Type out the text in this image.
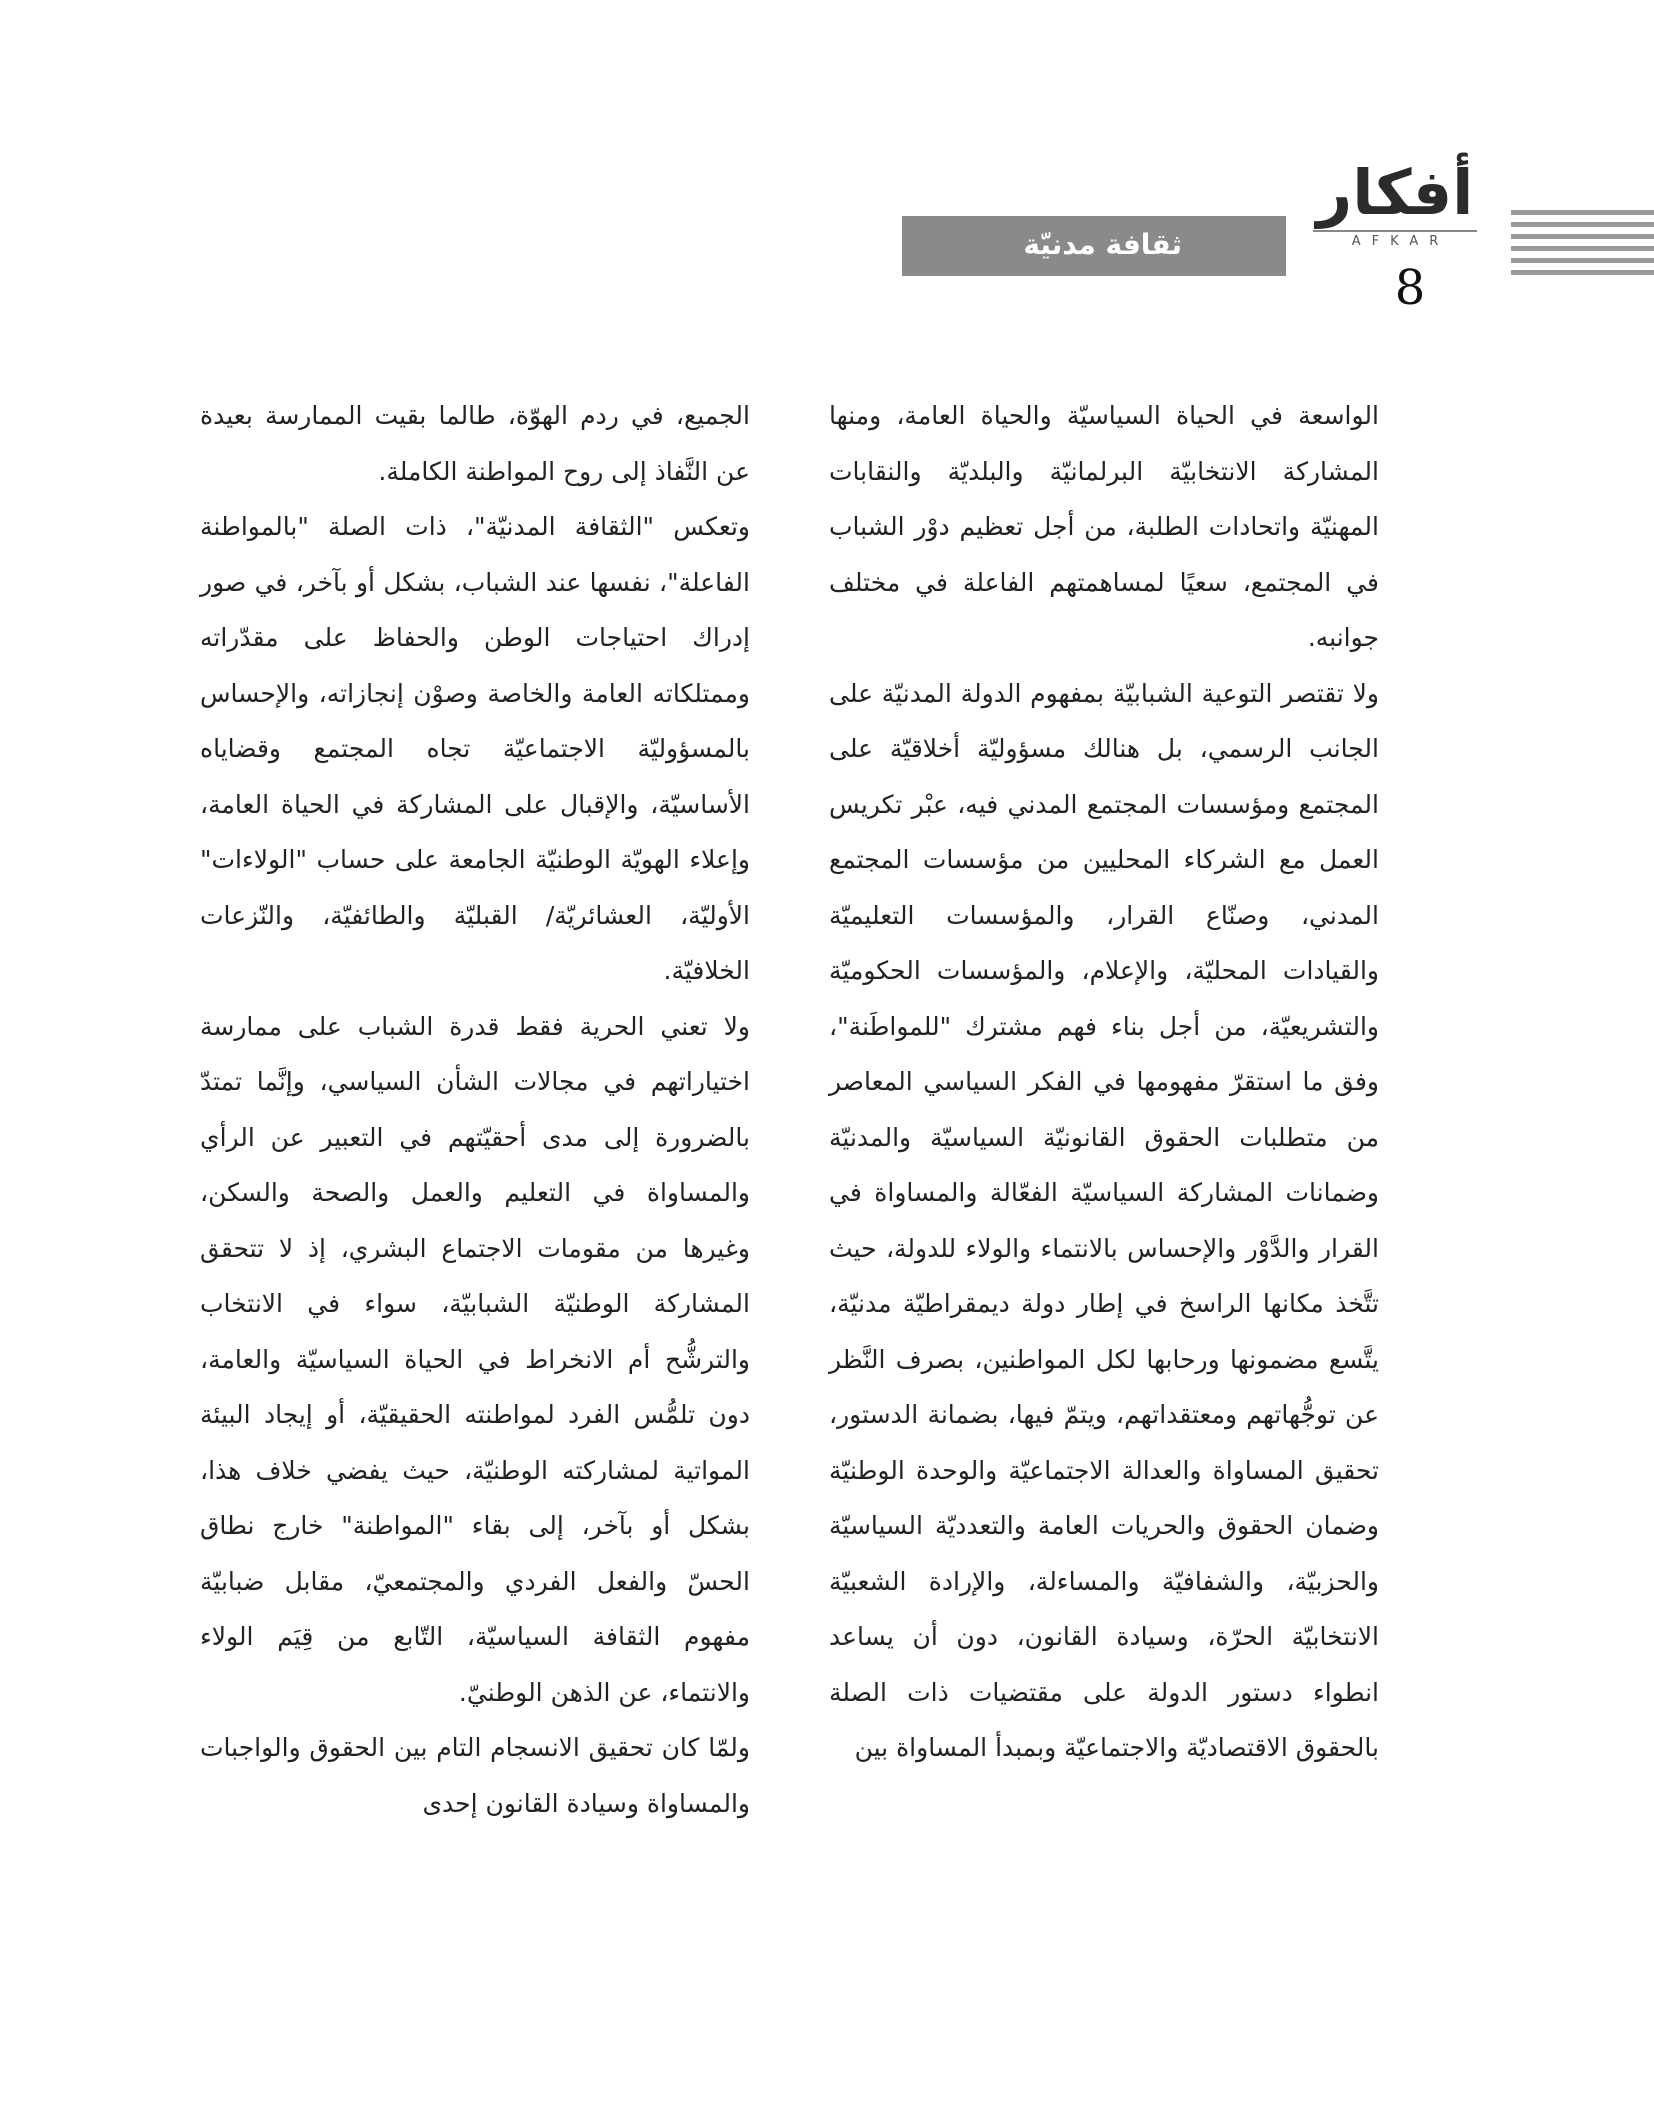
أفكار
AFKAR
ثقافة مدنيّة
8

الواسعة في الحياة السياسيّة والحياة العامة، ومنها المشاركة الانتخابيّة البرلمانيّة والبلديّة والنقابات المهنيّة واتحادات الطلبة، من أجل تعظيم دوْر الشباب في المجتمع، سعيًا لمساهمتهم الفاعلة في مختلف جوانبه.

ولا تقتصر التوعية الشبابيّة بمفهوم الدولة المدنيّة على الجانب الرسمي، بل هنالك مسؤوليّة أخلاقيّة على المجتمع ومؤسسات المجتمع المدني فيه، عبْر تكريس العمل مع الشركاء المحليين من مؤسسات المجتمع المدني، وصنّاع القرار، والمؤسسات التعليميّة والقيادات المحليّة، والإعلام، والمؤسسات الحكوميّة والتشريعيّة، من أجل بناء فهم مشترك "للمواطَنة"، وفق ما استقرّ مفهومها في الفكر السياسي المعاصر من متطلبات الحقوق القانونيّة السياسيّة والمدنيّة وضمانات المشاركة السياسيّة الفعّالة والمساواة في القرار والدَّوْر والإحساس بالانتماء والولاء للدولة، حيث تتَّخذ مكانها الراسخ في إطار دولة ديمقراطيّة مدنيّة، يتَّسع مضمونها ورحابها لكل المواطنين، بصرف النَّظر عن توجُّهاتهم ومعتقداتهم، ويتمّ فيها، بضمانة الدستور، تحقيق المساواة والعدالة الاجتماعيّة والوحدة الوطنيّة وضمان الحقوق والحريات العامة والتعدديّة السياسيّة والحزبيّة، والشفافيّة والمساءلة، والإرادة الشعبيّة الانتخابيّة الحرّة، وسيادة القانون، دون أن يساعد انطواء دستور الدولة على مقتضيات ذات الصلة بالحقوق الاقتصاديّة والاجتماعيّة وبمبدأ المساواة بين

الجميع، في ردم الهوّة، طالما بقيت الممارسة بعيدة عن النَّفاذ إلى روح المواطنة الكاملة.

وتعكس "الثقافة المدنيّة"، ذات الصلة "بالمواطنة الفاعلة"، نفسها عند الشباب، بشكل أو بآخر، في صور إدراك احتياجات الوطن والحفاظ على مقدّراته وممتلكاته العامة والخاصة وصوْن إنجازاته، والإحساس بالمسؤوليّة الاجتماعيّة تجاه المجتمع وقضاياه الأساسيّة، والإقبال على المشاركة في الحياة العامة، وإعلاء الهويّة الوطنيّة الجامعة على حساب "الولاءات" الأوليّة، العشائريّة/ القبليّة والطائفيّة، والنّزعات الخلافيّة.

ولا تعني الحرية فقط قدرة الشباب على ممارسة اختياراتهم في مجالات الشأن السياسي، وإنَّما تمتدّ بالضرورة إلى مدى أحقيّتهم في التعبير عن الرأي والمساواة في التعليم والعمل والصحة والسكن، وغيرها من مقومات الاجتماع البشري، إذ لا تتحقق المشاركة الوطنيّة الشبابيّة، سواء في الانتخاب والترشُّح أم الانخراط في الحياة السياسيّة والعامة، دون تلمُّس الفرد لمواطنته الحقيقيّة، أو إيجاد البيئة المواتية لمشاركته الوطنيّة، حيث يفضي خلاف هذا، بشكل أو بآخر، إلى بقاء "المواطنة" خارج نطاق الحسّ والفعل الفردي والمجتمعيّ، مقابل ضبابيّة مفهوم الثقافة السياسيّة، التّابع من قِيَم الولاء والانتماء، عن الذهن الوطنيّ.

ولمّا كان تحقيق الانسجام التام بين الحقوق والواجبات والمساواة وسيادة القانون إحدى
